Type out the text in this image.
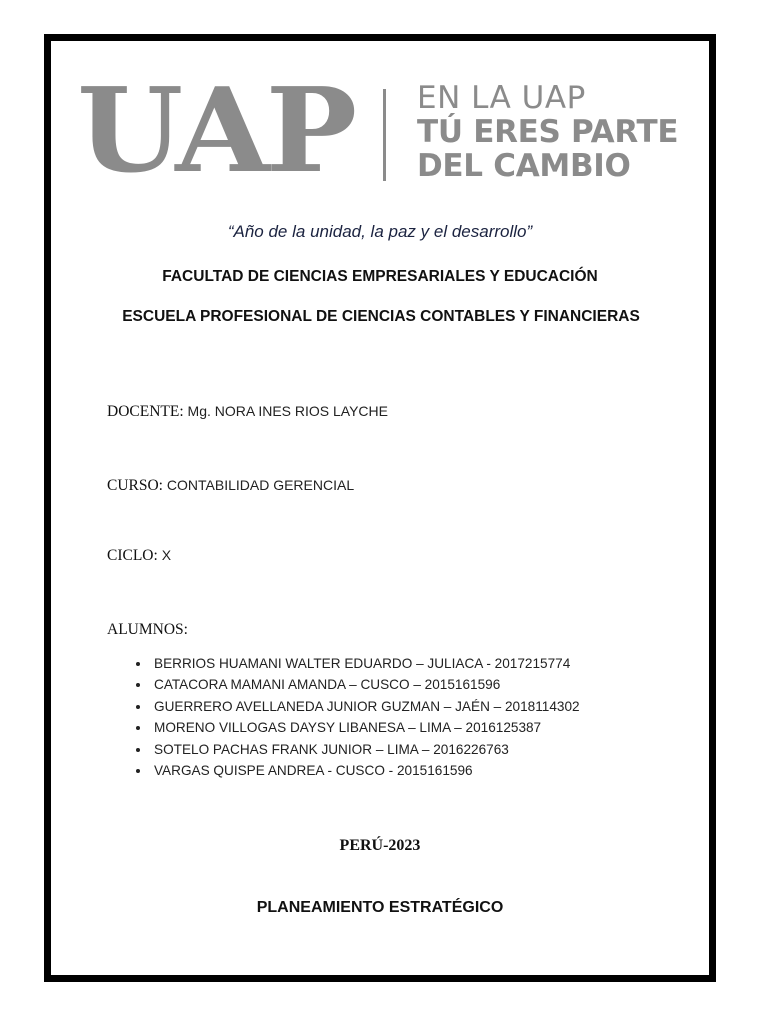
UAP EN LA UAP
TÚ ERES PARTE
DEL CAMBIO
“Año de la unidad, la paz y el desarrollo”
FACULTAD DE CIENCIAS EMPRESARIALES Y EDUCACIÓN
ESCUELA PROFESIONAL DE CIENCIAS CONTABLES Y FINANCIERAS
DOCENTE: Mg. NORA INES RIOS LAYCHE
CURSO: CONTABILIDAD GERENCIAL
CICLO: X
ALUMNOS:
• BERRIOS HUAMANI WALTER EDUARDO – JULIACA - 2017215774
• CATACORA MAMANI AMANDA – CUSCO – 2015161596
• GUERRERO AVELLANEDA JUNIOR GUZMAN – JAÉN – 2018114302
• MORENO VILLOGAS DAYSY LIBANESA – LIMA – 2016125387
• SOTELO PACHAS FRANK JUNIOR – LIMA – 2016226763
• VARGAS QUISPE ANDREA - CUSCO - 2015161596
PERÚ-2023
PLANEAMIENTO ESTRATÉGICO
